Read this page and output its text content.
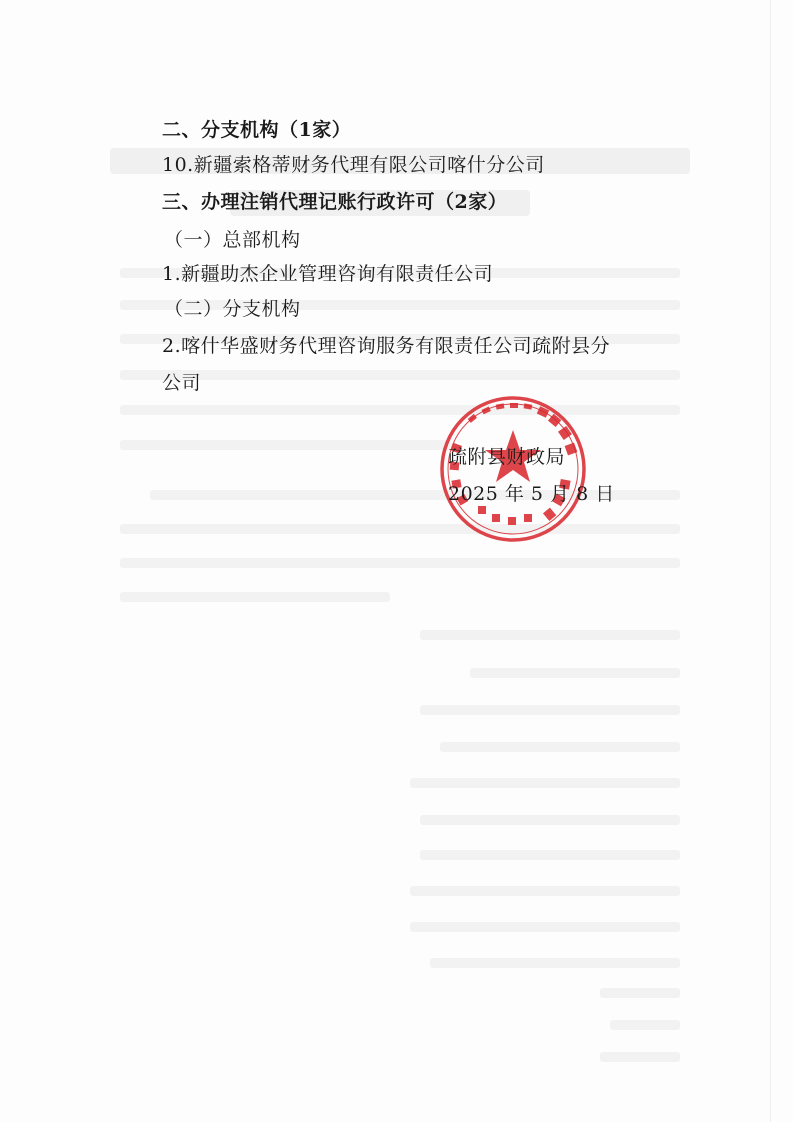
二、分支机构（1家）
10.新疆索格蒂财务代理有限公司喀什分公司
三、办理注销代理记账行政许可（2家）
（一）总部机构
1.新疆助杰企业管理咨询有限责任公司
（二）分支机构
2.喀什华盛财务代理咨询服务有限责任公司疏附县分
公司
疏附县财政局
2025 年 5 月 8 日
